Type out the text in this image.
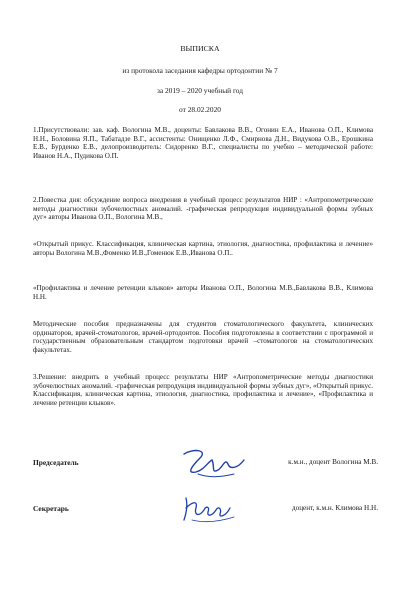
ВЫПИСКА
из протокола заседания кафедры ортодонтии № 7
за 2019 – 2020 учебный год
от 28.02.2020

1.Присутствовали: зав. каф. Вологина М.В., доценты: Бавлакова В.В., Огонин Е.А., Иванова О.П., Климова Н.Н., Боловина Я.П., Табатадзе В.Г., ассистенты: Онищенко Л.Ф., Смирнова Д.Н., Видукова О.В., Ерошкина Е.В., Бурденко Е.В., делопроизводитель: Сидоренко В.Г., специалисты по учебно – методической работе: Иванов Н.А., Пудикова О.П.

2.Повестка дня: обсуждение вопроса внедрения в учебный процесс результатов НИР : «Антропометрические методы диагностики зубочелюстных аномалий. -графическая репродукция индивидуальной формы зубных дуг» авторы Иванова О.П., Вологина М.В.,

«Открытый прикус. Классификация, клиническая картина, этиология, диагностика, профилактика и лечение» авторы Вологина М.В.,Фоменко И.В.,Гоменюк Е.В.,Иванова О.П..

«Профилактика и лечение ретенции клыков» авторы Иванова О.П., Вологина М.В.,Бавлакова В.В., Климова Н.Н.

Методические пособия предназначены для студентов стоматологического факультета, клинических ординаторов, врачей-стоматологов, врачей-ортодонтов. Пособия подготовлены в соответствии с программой и государственным образовательным стандартом подготовки врачей –стоматологов на стоматологических факультетах.

3.Решение: внедрить в учебный процесс результаты НИР «Антропометрические методы диагностики зубочелюстных аномалий. -графическая репродукция индивидуальной формы зубных дуг», «Открытый прикус. Классификация, клиническая картина, этиология, диагностика, профилактика и лечение», «Профилактика и лечение ретенции клыков».

Председатель	к.м.н., доцент Вологина М.В.
Секретарь	доцент, к.м.н. Климова Н.Н.
